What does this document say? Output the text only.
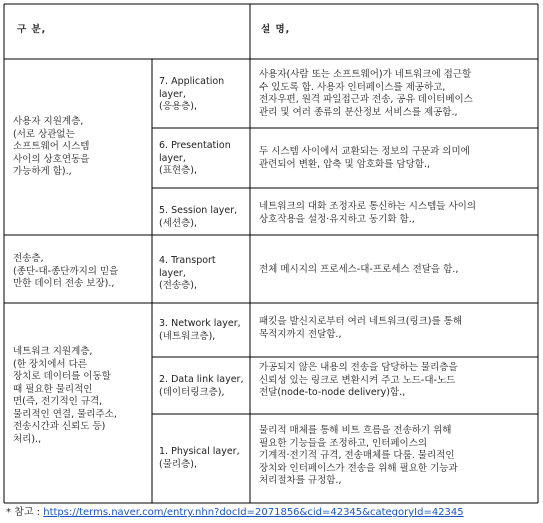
구 분,	설 명,
사용자 지원계층,
(서로 상관없는
소프트웨어 시스템
사이의 상호연동을
가능하게 함).,
전송층,
(종단-대-종단까지의 믿을
만한 데이터 전송 보장).,
네트워크 지원계층,
(한 장치에서 다른
장치로 데이터를 이동할
때 필요한 물리적인
면(즉, 전기적인 규격,
물리적인 연결, 물리주소,
전송시간과 신뢰도 등)
처리).,
7. Application
layer,
(응용층),
6. Presentation
layer,
(표현층),
5. Session layer,
(세션층),
4. Transport
layer,
(전송층),
3. Network layer,
(네트워크층),
2. Data link layer,
(데이터링크층),
1. Physical layer,
(물리층),
사용자(사람 또는 소프트웨어)가 네트워크에 접근할
수 있도록 함. 사용자 인터페이스를 제공하고,
전자우편, 원격 파일접근과 전송, 공유 데이터베이스
관리 및 여러 종류의 분산정보 서비스를 제공함.,
두 시스템 사이에서 교환되는 정보의 구문과 의미에
관련되어 변환, 압축 및 암호화를 담당함.,
네트워크의 대화 조정자로 통신하는 시스템들 사이의
상호작용을 설정·유지하고 동기화 함.,
전체 메시지의 프로세스-대-프로세스 전달을 함.,
패킷을 발신지로부터 여러 네트워크(링크)를 통해
목적지까지 전달함.,
가공되지 않은 내용의 전송을 담당하는 물리층을
신뢰성 있는 링크로 변환시켜 주고 노드-대-노드
전달(node-to-node delivery)함.,
물리적 매체를 통해 비트 흐름을 전송하기 위해
필요한 기능들을 조정하고, 인터페이스의
기계적·전기적 규격, 전송매체를 다룸. 물리적인
장치와 인터페이스가 전송을 위해 필요한 기능과
처리절차를 규정함.,
* 참고 : https://terms.naver.com/entry.nhn?docId=2071856&cid=42345&categoryId=42345
